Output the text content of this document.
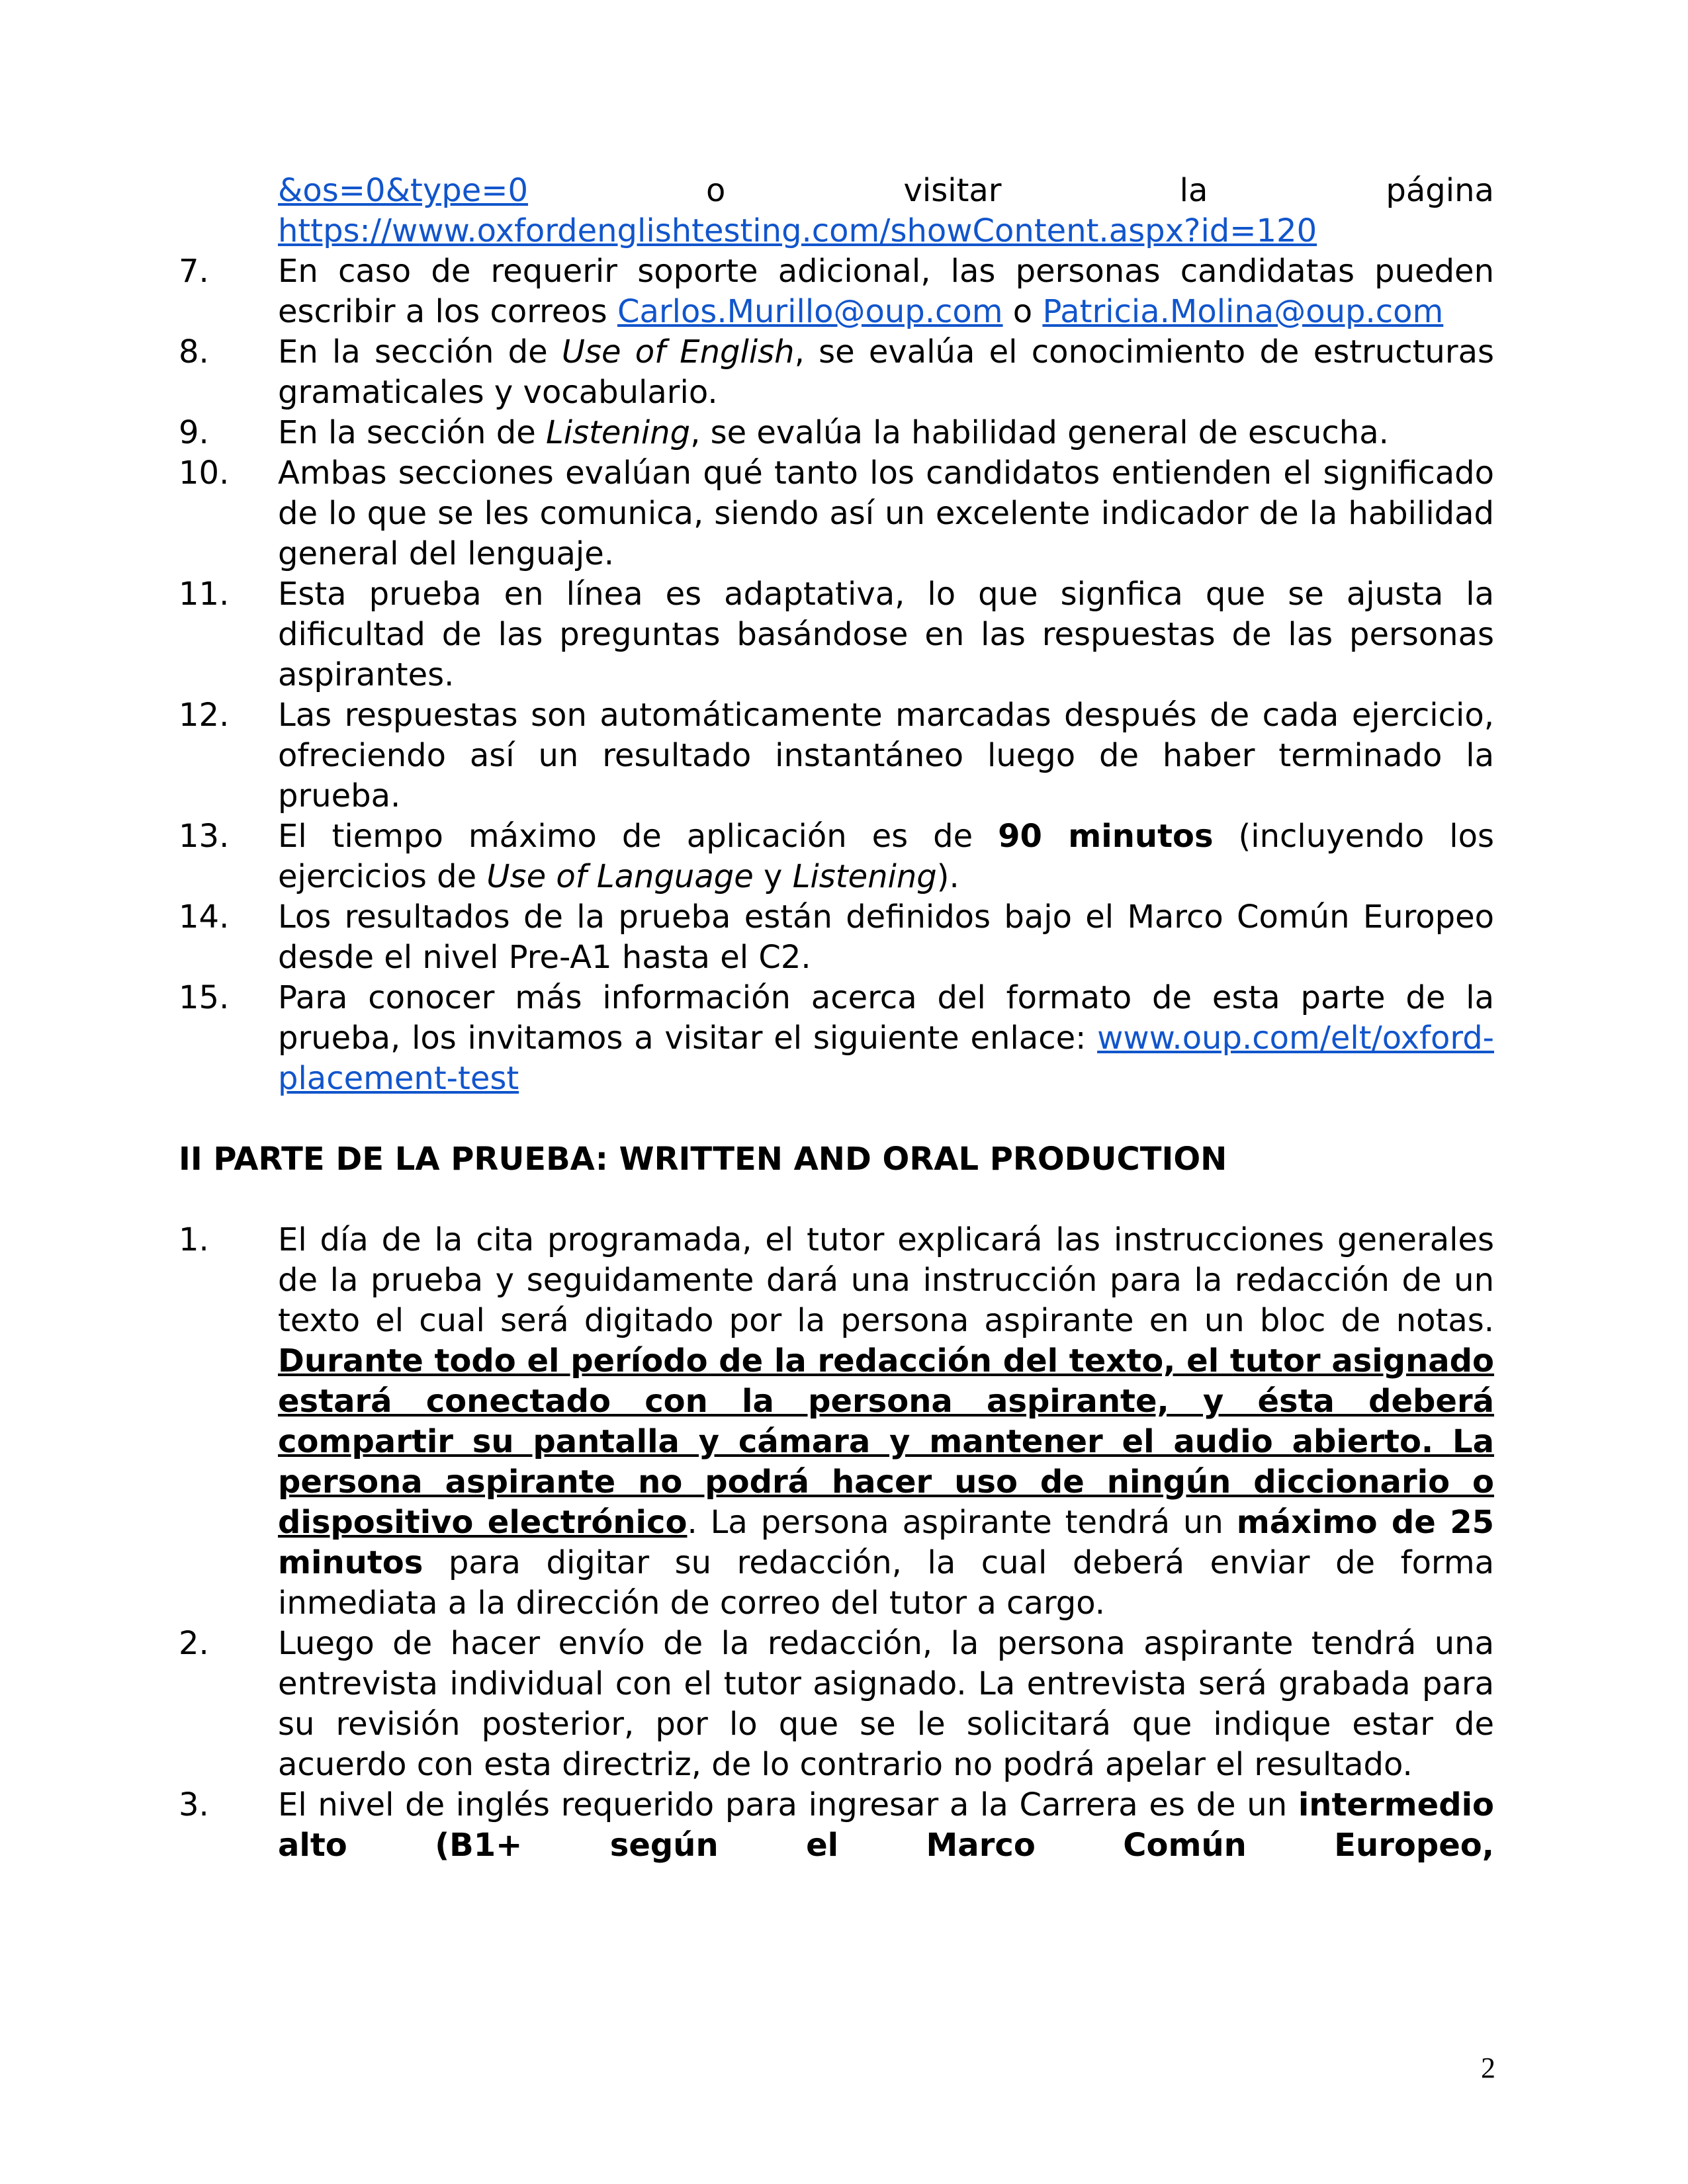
&os=0&type=0	o	visitar	la	página
https://www.oxfordenglishtesting.com/showContent.aspx?id=120
7.	En caso de requerir soporte adicional, las personas candidatas pueden escribir a los correos Carlos.Murillo@oup.com o Patricia.Molina@oup.com
8.	En la sección de Use of English, se evalúa el conocimiento de estructuras gramaticales y vocabulario.
9.	En la sección de Listening, se evalúa la habilidad general de escucha.
10.	Ambas secciones evalúan qué tanto los candidatos entienden el significado de lo que se les comunica, siendo así un excelente indicador de la habilidad general del lenguaje.
11.	Esta prueba en línea es adaptativa, lo que signfica que se ajusta la dificultad de las preguntas basándose en las respuestas de las personas aspirantes.
12.	Las respuestas son automáticamente marcadas después de cada ejercicio, ofreciendo así un resultado instantáneo luego de haber terminado la prueba.
13.	El tiempo máximo de aplicación es de 90 minutos (incluyendo los ejercicios de Use of Language y Listening).
14.	Los resultados de la prueba están definidos bajo el Marco Común Europeo desde el nivel Pre-A1 hasta el C2.
15.	Para conocer más información acerca del formato de esta parte de la prueba, los invitamos a visitar el siguiente enlace: www.oup.com/elt/oxford-placement-test
II PARTE DE LA PRUEBA: WRITTEN AND ORAL PRODUCTION
1.	El día de la cita programada, el tutor explicará las instrucciones generales de la prueba y seguidamente dará una instrucción para la redacción de un texto el cual será digitado por la persona aspirante en un bloc de notas. Durante todo el período de la redacción del texto, el tutor asignado estará conectado con la persona aspirante, y ésta deberá compartir su pantalla y cámara y mantener el audio abierto. La persona aspirante no podrá hacer uso de ningún diccionario o dispositivo electrónico. La persona aspirante tendrá un máximo de 25 minutos para digitar su redacción, la cual deberá enviar de forma inmediata a la dirección de correo del tutor a cargo.
2.	Luego de hacer envío de la redacción, la persona aspirante tendrá una entrevista individual con el tutor asignado. La entrevista será grabada para su revisión posterior, por lo que se le solicitará que indique estar de acuerdo con esta directriz, de lo contrario no podrá apelar el resultado.
3.	El nivel de inglés requerido para ingresar a la Carrera es de un intermedio alto (B1+ según el Marco Común Europeo,
2
